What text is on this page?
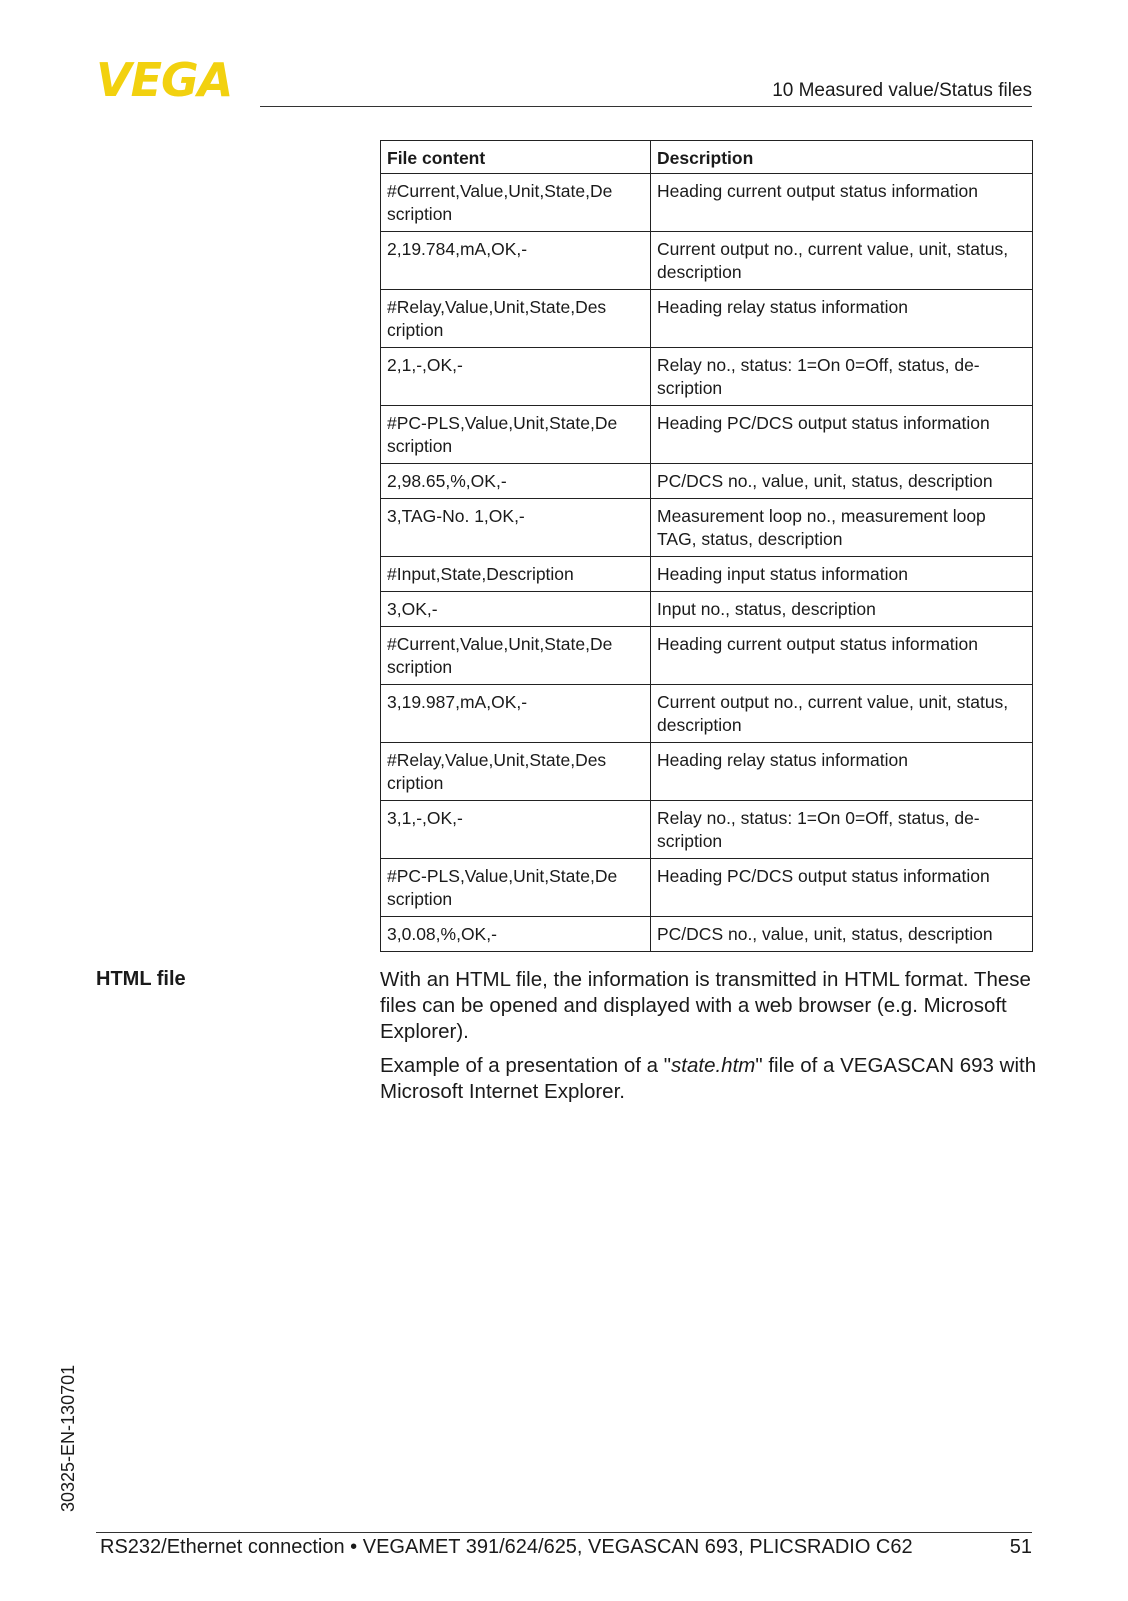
VEGA	10 Measured value/Status files
File content	Description
#Current,Value,Unit,State,De
scription	Heading current output status information
2,19.784,mA,OK,-	Current output no., current value, unit, status,
description
#Relay,Value,Unit,State,Des
cription	Heading relay status information
2,1,-,OK,-	Relay no., status: 1=On 0=Off, status, de-
scription
#PC-PLS,Value,Unit,State,De
scription	Heading PC/DCS output status information
2,98.65,%,OK,-	PC/DCS no., value, unit, status, description
3,TAG-No. 1,OK,-	Measurement loop no., measurement loop
TAG, status, description
#Input,State,Description	Heading input status information
3,OK,-	Input no., status, description
#Current,Value,Unit,State,De
scription	Heading current output status information
3,19.987,mA,OK,-	Current output no., current value, unit, status,
description
#Relay,Value,Unit,State,Des
cription	Heading relay status information
3,1,-,OK,-	Relay no., status: 1=On 0=Off, status, de-
scription
#PC-PLS,Value,Unit,State,De
scription	Heading PC/DCS output status information
3,0.08,%,OK,-	PC/DCS no., value, unit, status, description
HTML file	With an HTML file, the information is transmitted in HTML format. These files can be opened and displayed with a web browser (e.g. Microsoft Explorer).

Example of a presentation of a "state.htm" file of a VEGASCAN 693 with Microsoft Internet Explorer.

30325-EN-130701
RS232/Ethernet connection • VEGAMET 391/624/625, VEGASCAN 693, PLICSRADIO C62	51
